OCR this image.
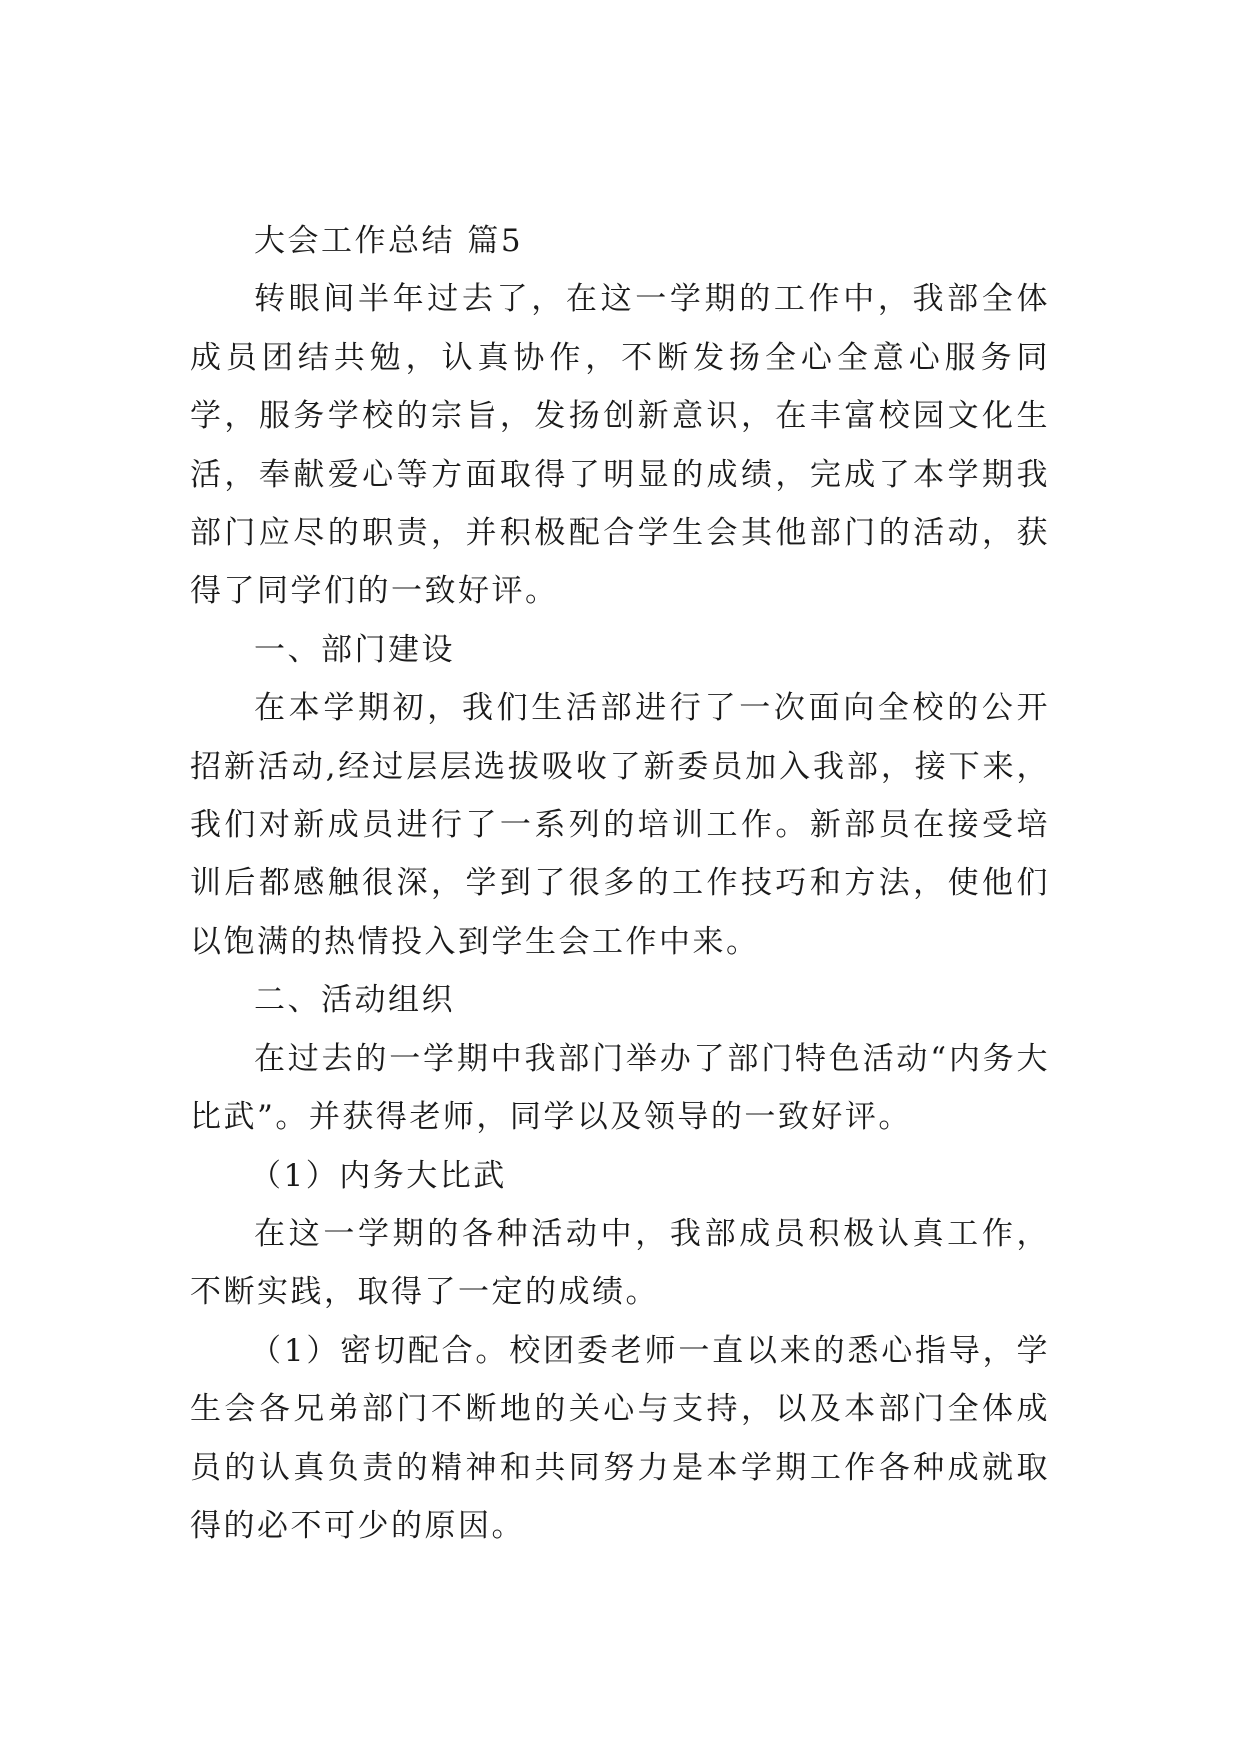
大会工作总结 篇5

转眼间半年过去了，在这一学期的工作中，我部全体成员团结共勉，认真协作，不断发扬全心全意心服务同学，服务学校的宗旨，发扬创新意识，在丰富校园文化生活，奉献爱心等方面取得了明显的成绩，完成了本学期我部门应尽的职责，并积极配合学生会其他部门的活动，获得了同学们的一致好评。

一、部门建设

在本学期初，我们生活部进行了一次面向全校的公开招新活动,经过层层选拔吸收了新委员加入我部，接下来，我们对新成员进行了一系列的培训工作。新部员在接受培训后都感触很深，学到了很多的工作技巧和方法，使他们以饱满的热情投入到学生会工作中来。

二、活动组织

在过去的一学期中我部门举办了部门特色活动“内务大比武”。并获得老师，同学以及领导的一致好评。

（1）内务大比武

在这一学期的各种活动中，我部成员积极认真工作，不断实践，取得了一定的成绩。

（1）密切配合。校团委老师一直以来的悉心指导，学生会各兄弟部门不断地的关心与支持，以及本部门全体成员的认真负责的精神和共同努力是本学期工作各种成就取得的必不可少的原因。
